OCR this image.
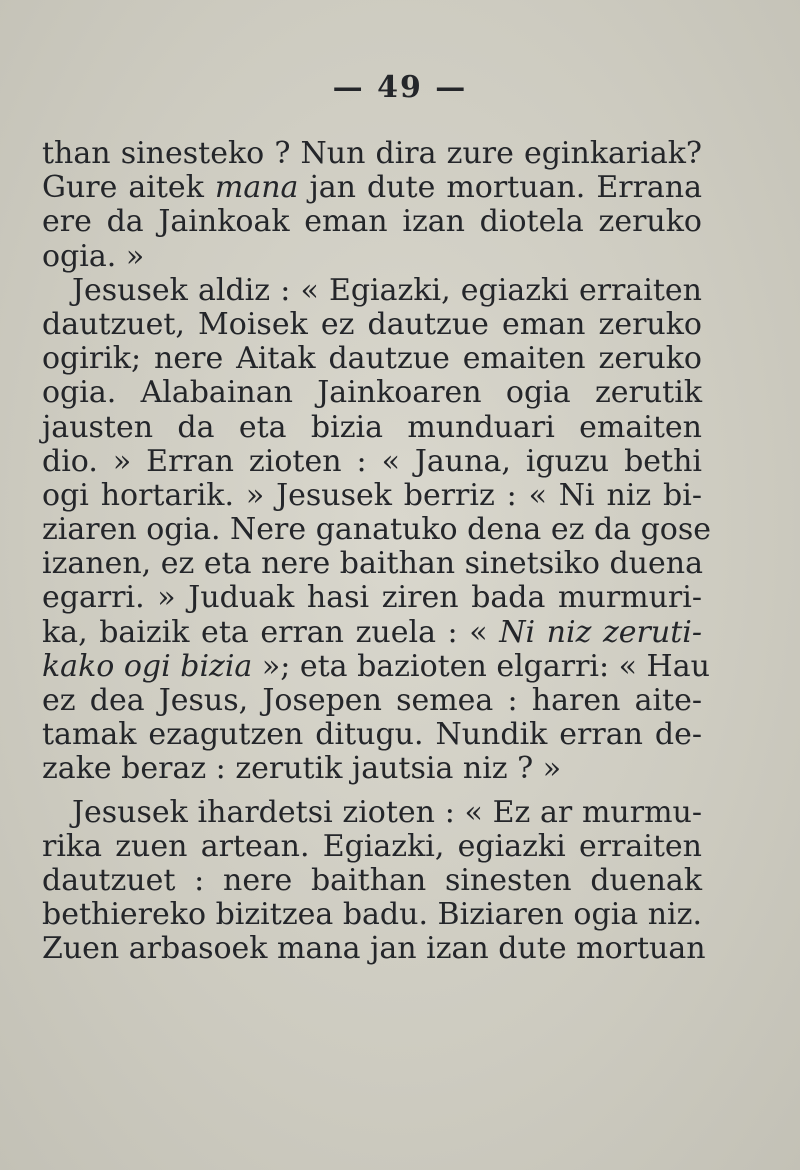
— 49 —
than sinesteko ? Nun dira zure eginkariak?
Gure aitek mana jan dute mortuan. Errana
ere da Jainkoak eman izan diotela zeruko
ogia. »
Jesusek aldiz : « Egiazki, egiazki erraiten
dautzuet, Moisek ez dautzue eman zeruko
ogirik; nere Aitak dautzue emaiten zeruko
ogia. Alabainan Jainkoaren ogia zerutik
jausten da eta bizia munduari emaiten
dio. » Erran zioten : « Jauna, iguzu bethi
ogi hortarik. » Jesusek berriz : « Ni niz bi-
ziaren ogia. Nere ganatuko dena ez da gose
izanen, ez eta nere baithan sinetsiko duena
egarri. » Juduak hasi ziren bada murmuri-
ka, baizik eta erran zuela : « Ni niz zeruti-
kako ogi bizia »; eta bazioten elgarri: « Hau
ez dea Jesus, Josepen semea : haren aite-
tamak ezagutzen ditugu. Nundik erran de-
zake beraz : zerutik jautsia niz ? »
Jesusek ihardetsi zioten : « Ez ar murmu-
rika zuen artean. Egiazki, egiazki erraiten
dautzuet : nere baithan sinesten duenak
bethiereko bizitzea badu. Biziaren ogia niz.
Zuen arbasoek mana jan izan dute mortuan
